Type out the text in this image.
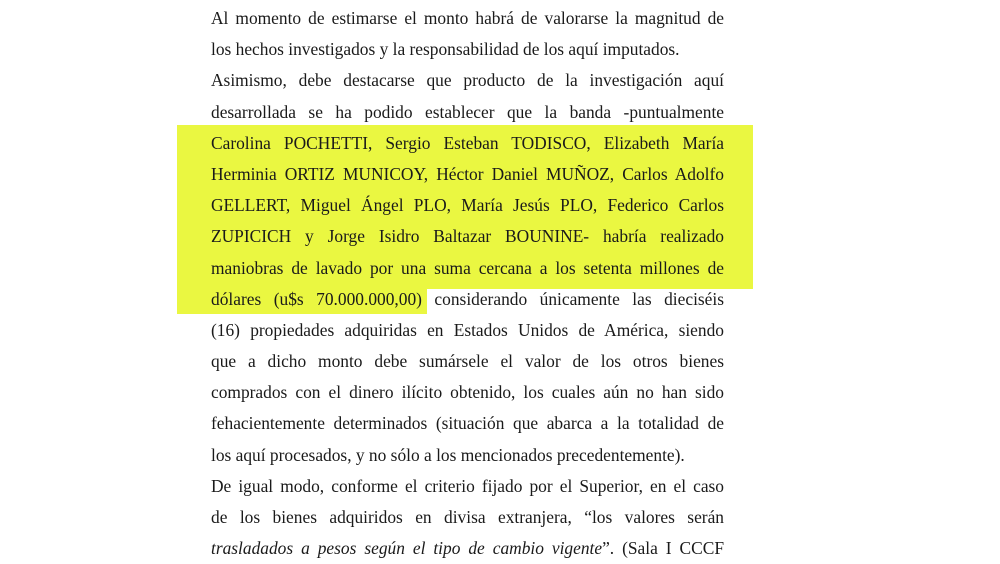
Al momento de estimarse el monto habrá de valorarse la magnitud de
los hechos investigados y la responsabilidad de los aquí imputados.
Asimismo, debe destacarse que producto de la investigación aquí
desarrollada se ha podido establecer que la banda -puntualmente
Carolina POCHETTI, Sergio Esteban TODISCO, Elizabeth María
Herminia ORTIZ MUNICOY, Héctor Daniel MUÑOZ, Carlos Adolfo
GELLERT, Miguel Ángel PLO, María Jesús PLO, Federico Carlos
ZUPICICH y Jorge Isidro Baltazar BOUNINE- habría realizado
maniobras de lavado por una suma cercana a los setenta millones de
dólares (u$s 70.000.000,00) considerando únicamente las dieciséis
(16) propiedades adquiridas en Estados Unidos de América, siendo
que a dicho monto debe sumársele el valor de los otros bienes
comprados con el dinero ilícito obtenido, los cuales aún no han sido
fehacientemente determinados (situación que abarca a la totalidad de
los aquí procesados, y no sólo a los mencionados precedentemente).
De igual modo, conforme el criterio fijado por el Superior, en el caso
de los bienes adquiridos en divisa extranjera, “los valores serán
trasladados a pesos según el tipo de cambio vigente”. (Sala I CCCF
